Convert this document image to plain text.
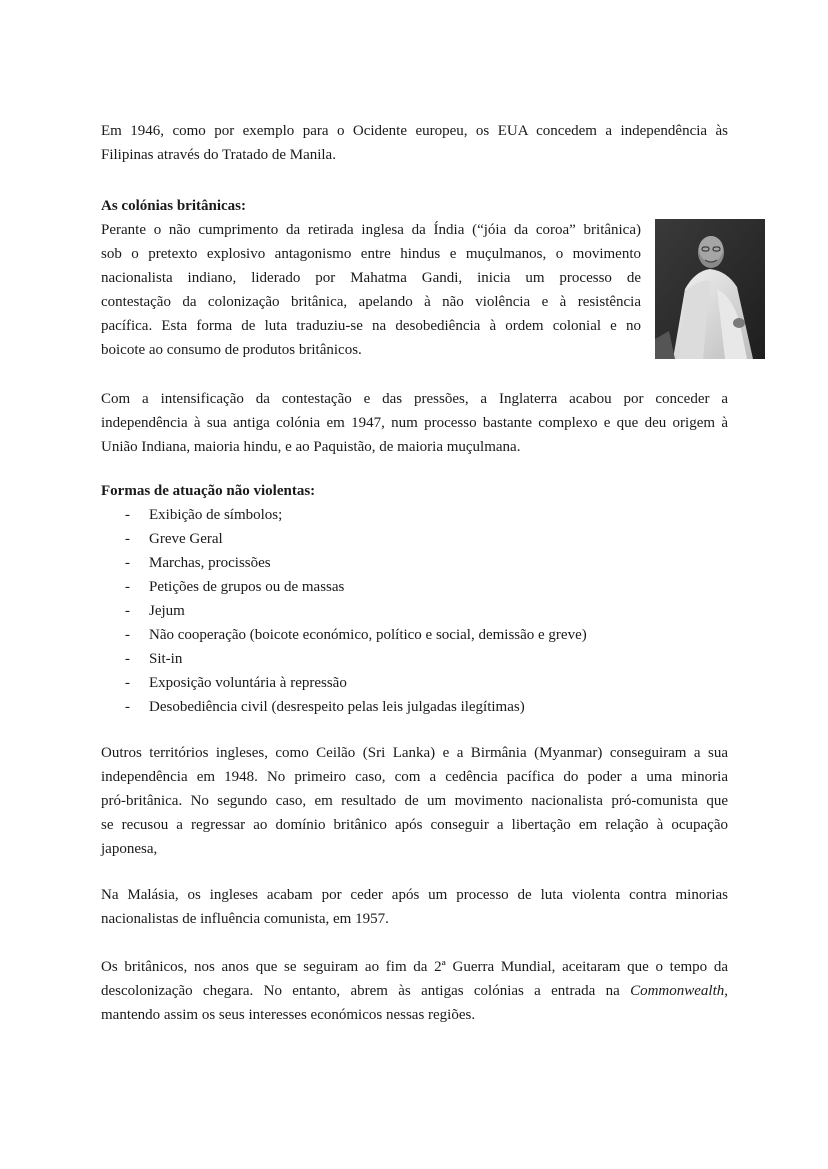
Em 1946, como por exemplo para o Ocidente europeu, os EUA concedem a independência às
Filipinas através do Tratado de Manila.

As colónias britânicas:

Perante o não cumprimento da retirada inglesa da Índia (“jóia da coroa” britânica)
sob o pretexto explosivo antagonismo entre hindus e muçulmanos, o movimento
nacionalista indiano, liderado por Mahatma Gandi, inicia um processo de
contestação da colonização britânica, apelando à não violência e à resistência
pacífica. Esta forma de luta traduziu-se na desobediência à ordem colonial e no
boicote ao consumo de produtos britânicos.

Com a intensificação da contestação e das pressões, a Inglaterra acabou por conceder a
independência à sua antiga colónia em 1947, num processo bastante complexo e que deu origem à
União Indiana, maioria hindu, e ao Paquistão, de maioria muçulmana.

Formas de atuação não violentas:
- Exibição de símbolos;
- Greve Geral
- Marchas, procissões
- Petições de grupos ou de massas
- Jejum
- Não cooperação (boicote económico, político e social, demissão e greve)
- Sit-in
- Exposição voluntária à repressão
- Desobediência civil (desrespeito pelas leis julgadas ilegítimas)

Outros territórios ingleses, como Ceilão (Sri Lanka) e a Birmânia (Myanmar) conseguiram a sua
independência em 1948. No primeiro caso, com a cedência pacífica do poder a uma minoria
pró-britânica. No segundo caso, em resultado de um movimento nacionalista pró-comunista que
se recusou a regressar ao domínio britânico após conseguir a libertação em relação à ocupação
japonesa,

Na Malásia, os ingleses acabam por ceder após um processo de luta violenta contra minorias
nacionalistas de influência comunista, em 1957.

Os britânicos, nos anos que se seguiram ao fim da 2ª Guerra Mundial, aceitaram que o tempo da
descolonização chegara. No entanto, abrem às antigas colónias a entrada na Commonwealth,
mantendo assim os seus interesses económicos nessas regiões.
